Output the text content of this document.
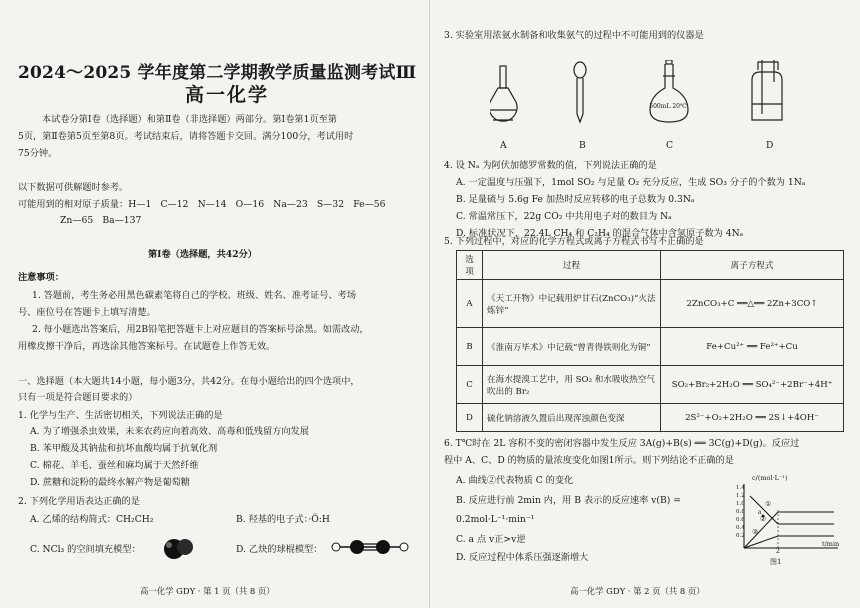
2024～2025 学年度第二学期教学质量监测考试Ⅲ
高一化学
本试卷分第Ⅰ卷（选择题）和第Ⅱ卷（非选择题）两部分。第Ⅰ卷第1页至第
5页，第Ⅱ卷第5页至第8页。考试结束后，请将答题卡交回。满分100分，考试用时
75分钟。
以下数据可供解题时参考。
可能用到的相对原子质量：H—1　C—12　N—14　O—16　Na—23　S—32　Fe—56
Zn—65　Ba—137
第Ⅰ卷（选择题，共42分）
注意事项：
1. 答题前，考生务必用黑色碳素笔将自己的学校、班级、姓名、准考证号、考场
号、座位号在答题卡上填写清楚。
2. 每小题选出答案后，用2B铅笔把答题卡上对应题目的答案标号涂黑。如需改动，
用橡皮擦干净后，再选涂其他答案标号。在试题卷上作答无效。
一、选择题（本大题共14小题，每小题3分，共42分。在每小题给出的四个选项中，
只有一项是符合题目要求的）
1. 化学与生产、生活密切相关，下列说法正确的是
A. 为了增强杀虫效果，未来农药应向着高效、高毒和低残留方向发展
B. 苯甲酸及其钠盐和抗坏血酸均属于抗氧化剂
C. 棉花、羊毛、蚕丝和麻均属于天然纤维
D. 蔗糖和淀粉的最终水解产物是葡萄糖
2. 下列化学用语表达正确的是
A. 乙烯的结构简式：CH₂CH₂	B. 羟基的电子式：·Ö:H
C. NCl₃ 的空间填充模型：	D. 乙炔的球棍模型：
高一化学 GDY · 第 1 页（共 8 页）
3. 实验室用浓氨水制备和收集氨气的过程中不可能用到的仪器是
500mL 20℃
A	B	C	D
4. 设 Nₐ 为阿伏加德罗常数的值，下列说法正确的是
A. 一定温度与压强下，1mol SO₂ 与足量 O₂ 充分反应，生成 SO₃ 分子的个数为 1Nₐ
B. 足量硫与 5.6g Fe 加热时反应转移的电子总数为 0.3Nₐ
C. 常温常压下，22g CO₂ 中共用电子对的数目为 Nₐ
D. 标准状况下，22.4L CH₄ 和 C₂H₄ 的混合气体中含氢原子数为 4Nₐ
5. 下列过程中，对应的化学方程式或离子方程式书写不正确的是
高一化学 GDY · 第 2 页（共 8 页）
选项	过程	离子方程式
A	《天工开物》中记载用炉甘石(ZnCO₃)“火法炼锌”	2ZnCO₃+C ══△══ 2Zn+3CO↑
B	《淮南万毕术》中记载“曾青得铁则化为铜”	Fe+Cu²⁺ ══ Fe²⁺+Cu
C	在海水提溴工艺中，用 SO₂ 和水吸收热空气吹出的 Br₂	SO₂+Br₂+2H₂O ══ SO₄²⁻+2Br⁻+4H⁺
D	硫化钠溶液久置后出现浑浊颜色变深	2S²⁻+O₂+2H₂O ══ 2S↓+4OH⁻
6. T℃时在 2L 容积不变的密闭容器中发生反应 3A(g)+B(s) ══ 3C(g)+D(g)。反应过
程中 A、C、D 的物质的量浓度变化如图1所示。则下列结论不正确的是
A. 曲线②代表物质 C 的变化
B. 反应进行前 2min 内，用 B 表示的反应速率 v(B) =
0.2mol·L⁻¹·min⁻¹
C. a 点 v正>v逆
D. 反应过程中体系压强逐渐增大
c/(mol·L⁻¹)
1.4
1.2
1.0
0.8
0.6
0.4
0.2
①
②
③
a
2
t/min
图1
